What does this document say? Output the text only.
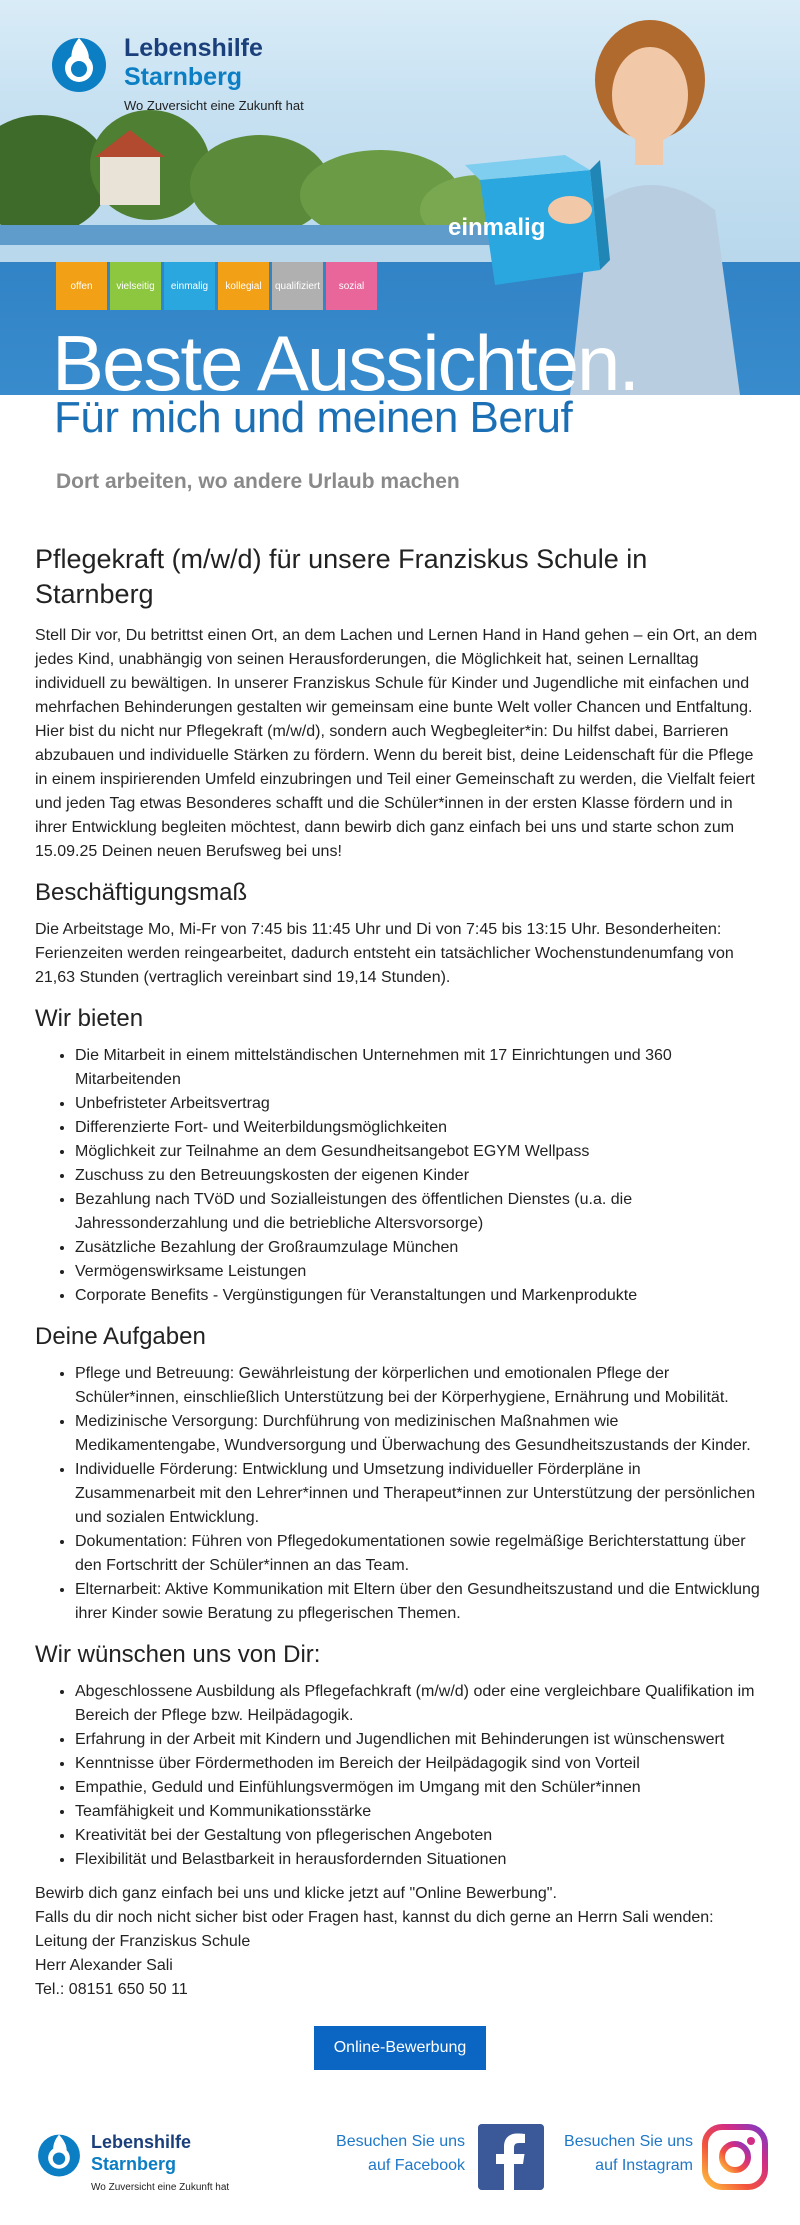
Lebenshilfe
Starnberg
Wo Zuversicht eine Zukunft hat
einmalig
offen vielseitig einmalig kollegial qualifiziert sozial
Beste Aussichten.
Für mich und meinen Beruf
Dort arbeiten, wo andere Urlaub machen
Pflegekraft (m/w/d) für unsere Franziskus Schule in Starnberg

Stell Dir vor, Du betrittst einen Ort, an dem Lachen und Lernen Hand in Hand gehen – ein Ort, an dem jedes Kind, unabhängig von seinen Herausforderungen, die Möglichkeit hat, seinen Lernalltag individuell zu bewältigen. In unserer Franziskus Schule für Kinder und Jugendliche mit einfachen und mehrfachen Behinderungen gestalten wir gemeinsam eine bunte Welt voller Chancen und Entfaltung. Hier bist du nicht nur Pflegekraft (m/w/d), sondern auch Wegbegleiter*in: Du hilfst dabei, Barrieren abzubauen und individuelle Stärken zu fördern. Wenn du bereit bist, deine Leidenschaft für die Pflege in einem inspirierenden Umfeld einzubringen und Teil einer Gemeinschaft zu werden, die Vielfalt feiert und jeden Tag etwas Besonderes schafft und die Schüler*innen in der ersten Klasse fördern und in ihrer Entwicklung begleiten möchtest, dann bewirb dich ganz einfach bei uns und starte schon zum 15.09.25 Deinen neuen Berufsweg bei uns!

Beschäftigungsmaß

Die Arbeitstage Mo, Mi-Fr von 7:45 bis 11:45 Uhr und Di von 7:45 bis 13:15 Uhr. Besonderheiten: Ferienzeiten werden reingearbeitet, dadurch entsteht ein tatsächlicher Wochenstundenumfang von 21,63 Stunden (vertraglich vereinbart sind 19,14 Stunden).

Wir bieten
• Die Mitarbeit in einem mittelständischen Unternehmen mit 17 Einrichtungen und 360 Mitarbeitenden
• Unbefristeter Arbeitsvertrag
• Differenzierte Fort- und Weiterbildungsmöglichkeiten
• Möglichkeit zur Teilnahme an dem Gesundheitsangebot EGYM Wellpass
• Zuschuss zu den Betreuungskosten der eigenen Kinder
• Bezahlung nach TVöD und Sozialleistungen des öffentlichen Dienstes (u.a. die Jahressonderzahlung und die betriebliche Altersvorsorge)
• Zusätzliche Bezahlung der Großraumzulage München
• Vermögenswirksame Leistungen
• Corporate Benefits - Vergünstigungen für Veranstaltungen und Markenprodukte
Deine Aufgaben
• Pflege und Betreuung: Gewährleistung der körperlichen und emotionalen Pflege der Schüler*innen, einschließlich Unterstützung bei der Körperhygiene, Ernährung und Mobilität.
• Medizinische Versorgung: Durchführung von medizinischen Maßnahmen wie Medikamentengabe, Wundversorgung und Überwachung des Gesundheitszustands der Kinder.
• Individuelle Förderung: Entwicklung und Umsetzung individueller Förderpläne in Zusammenarbeit mit den Lehrer*innen und Therapeut*innen zur Unterstützung der persönlichen und sozialen Entwicklung.
• Dokumentation: Führen von Pflegedokumentationen sowie regelmäßige Berichterstattung über den Fortschritt der Schüler*innen an das Team.
• Elternarbeit: Aktive Kommunikation mit Eltern über den Gesundheitszustand und die Entwicklung ihrer Kinder sowie Beratung zu pflegerischen Themen.
Wir wünschen uns von Dir:
• Abgeschlossene Ausbildung als Pflegefachkraft (m/w/d) oder eine vergleichbare Qualifikation im Bereich der Pflege bzw. Heilpädagogik.
• Erfahrung in der Arbeit mit Kindern und Jugendlichen mit Behinderungen ist wünschenswert
• Kenntnisse über Fördermethoden im Bereich der Heilpädagogik sind von Vorteil
• Empathie, Geduld und Einfühlungsvermögen im Umgang mit den Schüler*innen
• Teamfähigkeit und Kommunikationsstärke
• Kreativität bei der Gestaltung von pflegerischen Angeboten
• Flexibilität und Belastbarkeit in herausfordernden Situationen

Bewirb dich ganz einfach bei uns und klicke jetzt auf "Online Bewerbung".

Falls du dir noch nicht sicher bist oder Fragen hast, kannst du dich gerne an Herrn Sali wenden:

Leitung der Franziskus Schule

Herr Alexander Sali

Tel.: 08151 650 50 11

Online-Bewerbung
Lebenshilfe
Starnberg
Wo Zuversicht eine Zukunft hat
Besuchen Sie uns
auf Facebook
Besuchen Sie uns
auf Instagram
